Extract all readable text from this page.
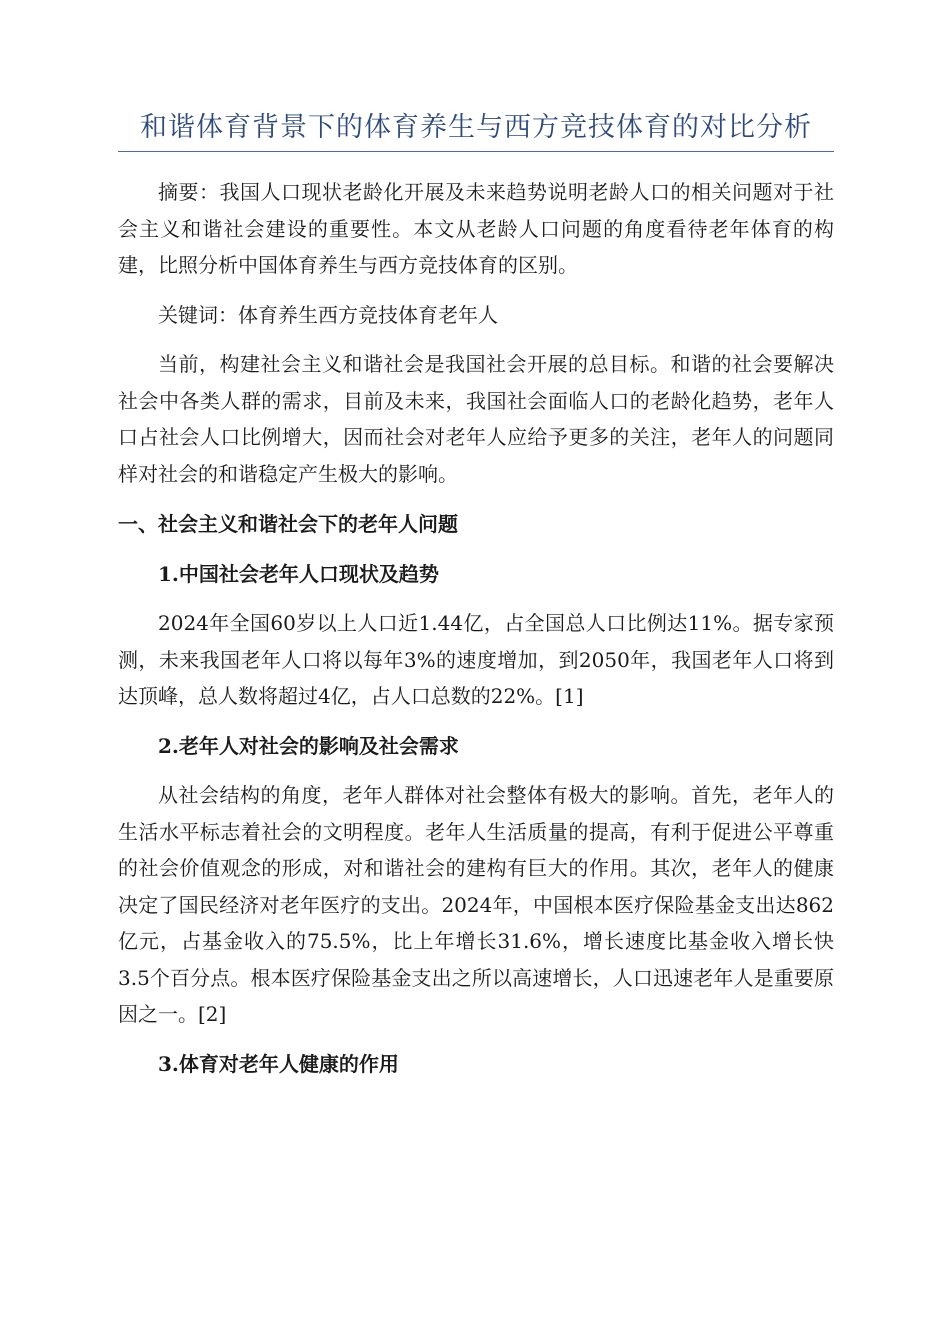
和谐体育背景下的体育养生与西方竞技体育的对比分析

摘要：我国人口现状老龄化开展及未来趋势说明老龄人口的相关问题对于社会主义和谐社会建设的重要性。本文从老龄人口问题的角度看待老年体育的构建，比照分析中国体育养生与西方竞技体育的区别。

关键词：体育养生西方竞技体育老年人

当前，构建社会主义和谐社会是我国社会开展的总目标。和谐的社会要解决社会中各类人群的需求，目前及未来，我国社会面临人口的老龄化趋势，老年人口占社会人口比例增大，因而社会对老年人应给予更多的关注，老年人的问题同样对社会的和谐稳定产生极大的影响。

一、社会主义和谐社会下的老年人问题
1.中国社会老年人口现状及趋势

2024年全国60岁以上人口近1.44亿，占全国总人口比例达11%。据专家预测，未来我国老年人口将以每年3%的速度增加，到2050年，我国老年人口将到达顶峰，总人数将超过4亿，占人口总数的22%。[1]

2.老年人对社会的影响及社会需求

从社会结构的角度，老年人群体对社会整体有极大的影响。首先，老年人的生活水平标志着社会的文明程度。老年人生活质量的提高，有利于促进公平尊重的社会价值观念的形成，对和谐社会的建构有巨大的作用。其次，老年人的健康决定了国民经济对老年医疗的支出。2024年，中国根本医疗保险基金支出达862亿元，占基金收入的75.5%，比上年增长31.6%，增长速度比基金收入增长快3.5个百分点。根本医疗保险基金支出之所以高速增长，人口迅速老年人是重要原因之一。[2]

3.体育对老年人健康的作用
